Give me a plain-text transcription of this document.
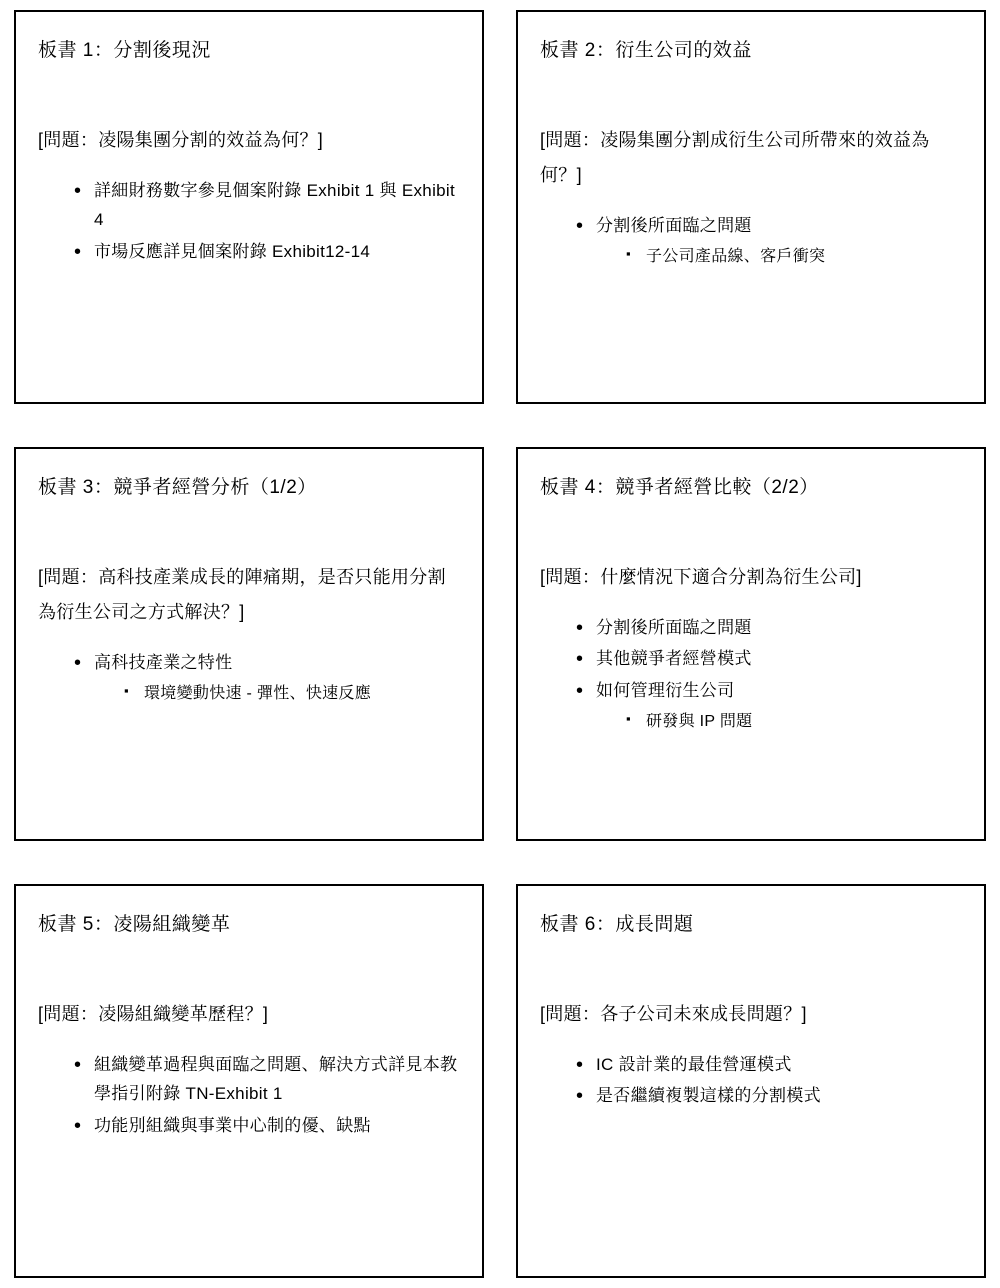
板書 1：分割後現況
[問題：凌陽集團分割的效益為何？]
• 詳細財務數字參見個案附錄 Exhibit 1 與 Exhibit 4
• 市場反應詳見個案附錄 Exhibit12-14
板書 2：衍生公司的效益
[問題：凌陽集團分割成衍生公司所帶來的效益為何？]
• 分割後所面臨之問題
▪ 子公司產品線、客戶衝突
板書 3：競爭者經營分析（1/2）
[問題：高科技產業成長的陣痛期，是否只能用分割為衍生公司之方式解決？]
• 高科技產業之特性
▪ 環境變動快速 - 彈性、快速反應
板書 4：競爭者經營比較（2/2）
[問題：什麼情況下適合分割為衍生公司]
• 分割後所面臨之問題
• 其他競爭者經營模式
• 如何管理衍生公司
▪ 研發與 IP 問題
板書 5：凌陽組織變革
[問題：凌陽組織變革歷程？]
• 組織變革過程與面臨之問題、解決方式詳見本教學指引附錄 TN-Exhibit 1
• 功能別組織與事業中心制的優、缺點
板書 6：成長問題
[問題：各子公司未來成長問題？]
• IC 設計業的最佳營運模式
• 是否繼續複製這樣的分割模式
